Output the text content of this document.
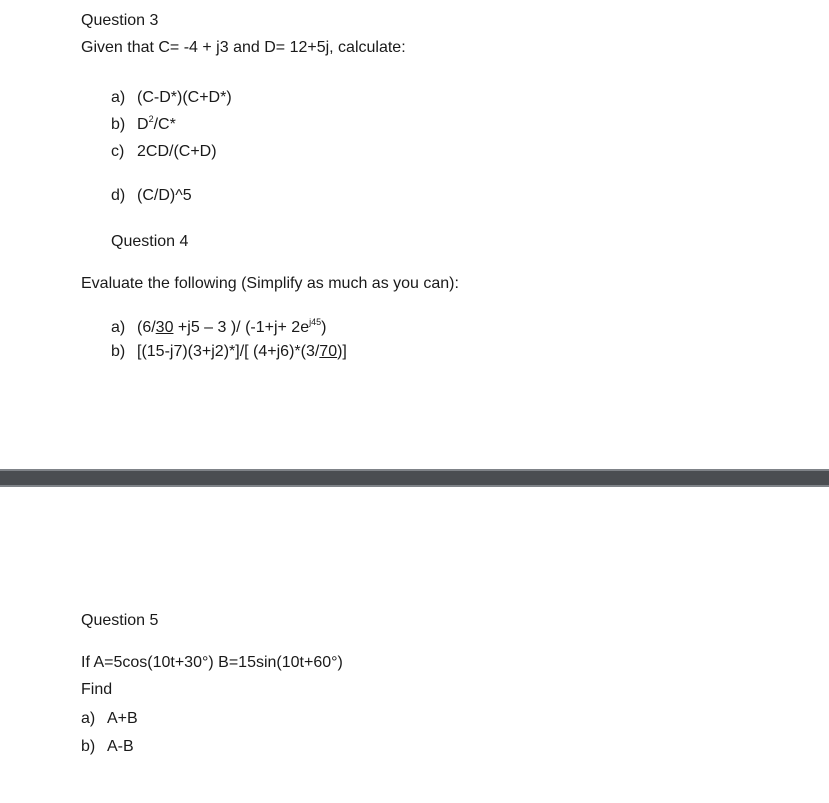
Question 3
Given that C= -4 + j3 and D= 12+5j, calculate:
a) (C-D*)(C+D*)
b) $D^2/C*$
c) 2CD/(C+D)
d) (C/D)^5
Question 4
Evaluate the following (Simplify as much as you can):
a) (6/30 +j5 – 3 )/ $(-1+j+ 2e^{j45})$
b) [(15-j7)(3+j2)*]/[ (4+j6)*(3/70)]
Question 5
If A=5cos(10t+30°) B=15sin(10t+60°)
Find
a) A+B
b) A-B
